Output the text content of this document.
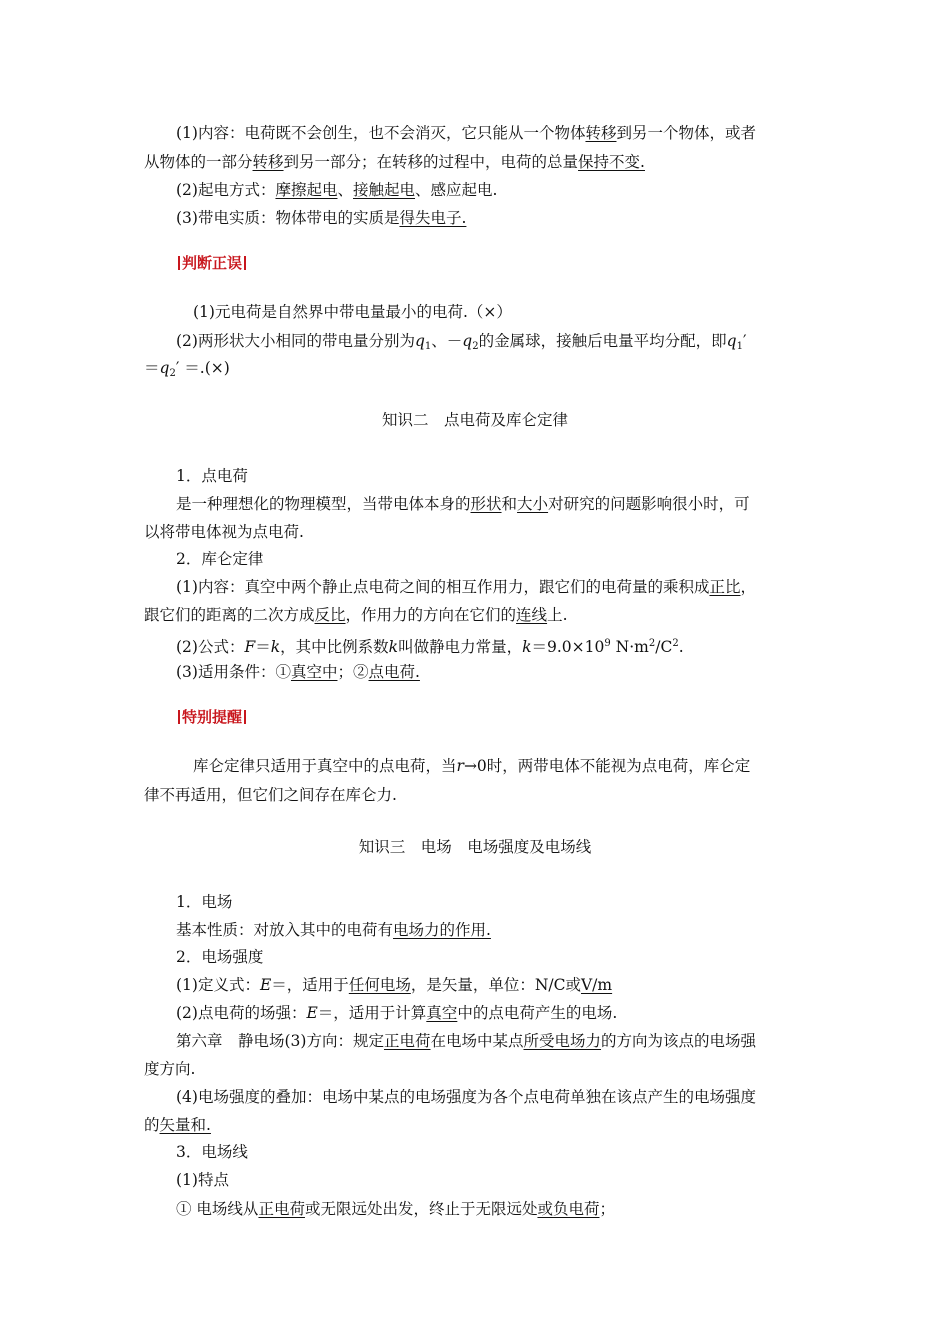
(1)内容：电荷既不会创生，也不会消灭，它只能从一个物体转移到另一个物体，或者
从物体的一部分转移到另一部分；在转移的过程中，电荷的总量保持不变.
(2)起电方式：摩擦起电、接触起电、感应起电.
(3)带电实质：物体带电的实质是得失电子.
判断正误
(1)元电荷是自然界中带电量最小的电荷.（×）
(2)两形状大小相同的带电量分别为$q_1$、$-q_2$的金属球，接触后电量平均分配，即$q_1'$
$=q_2'$ ＝.(×)
知识二　点电荷及库仑定律
1．点电荷
是一种理想化的物理模型，当带电体本身的形状和大小对研究的问题影响很小时，可
以将带电体视为点电荷.
2．库仑定律
(1)内容：真空中两个静止点电荷之间的相互作用力，跟它们的电荷量的乘积成正比，
跟它们的距离的二次方成反比，作用力的方向在它们的连线上.
(2)公式：F＝k，其中比例系数k叫做静电力常量，$k=9.0\times 10^9$ $N\cdot m^2/C^2$.
(3)适用条件：①真空中；②点电荷.
特别提醒
库仑定律只适用于真空中的点电荷，当r→0时，两带电体不能视为点电荷，库仑定
律不再适用，但它们之间存在库仑力.
知识三　电场　电场强度及电场线
1．电场
基本性质：对放入其中的电荷有电场力的作用.
2．电场强度
(1)定义式：E＝，适用于任何电场，是矢量，单位：N/C或V/m
(2)点电荷的场强：E＝，适用于计算真空中的点电荷产生的电场.
第六章　静电场(3)方向：规定正电荷在电场中某点所受电场力的方向为该点的电场强
度方向.
(4)电场强度的叠加：电场中某点的电场强度为各个点电荷单独在该点产生的电场强度
的矢量和.
3．电场线
(1)特点
① 电场线从正电荷或无限远处出发，终止于无限远处或负电荷；
